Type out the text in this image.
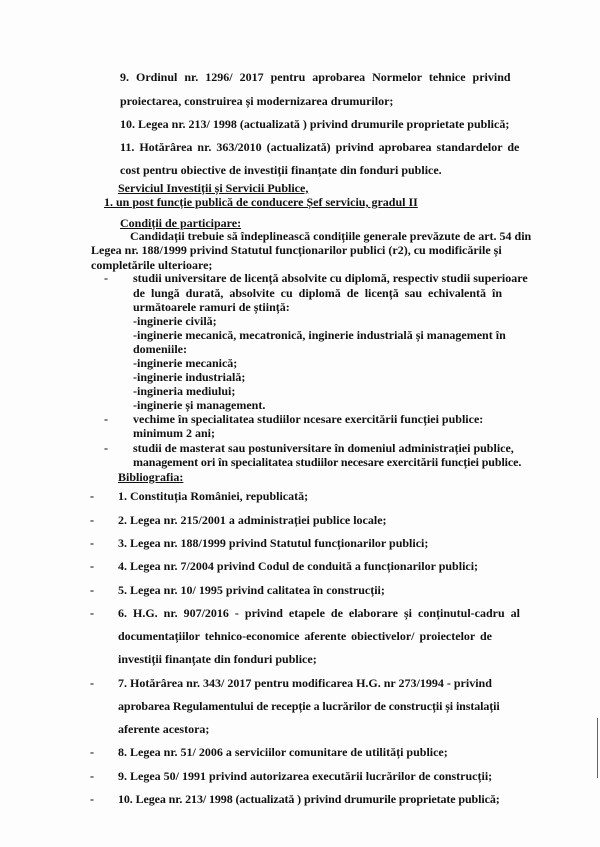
9. Ordinul nr. 1296/ 2017 pentru aprobarea Normelor tehnice privind
proiectarea, construirea și modernizarea drumurilor;
10. Legea nr. 213/ 1998 (actualizată ) privind drumurile proprietate publică;
11. Hotărârea nr. 363/2010 (actualizată) privind aprobarea standardelor de
cost pentru obiective de investiții finanțate din fonduri publice.
Serviciul Investiții și Servicii Publice,
1. un post funcție publică de conducere Șef serviciu, gradul II
Condiții de participare:
Candidații trebuie să îndeplinească condițiile generale prevăzute de art. 54 din
Legea nr. 188/1999 privind Statutul funcționarilor publici (r2), cu modificările și
completările ulterioare;
- studii universitare de licență absolvite cu diplomă, respectiv studii superioare
de lungă durată, absolvite cu diplomă de licență sau echivalentă în
următoarele ramuri de știință:
-inginerie civilă;
-inginerie mecanică, mecatronică, inginerie industrială și management în
domeniile:
-inginerie mecanică;
-inginerie industrială;
-ingineria mediului;
-inginerie și management.
- vechime în specialitatea studiilor ncesare exercitării funcției publice:
minimum 2 ani;
- studii de masterat sau postuniversitare în domeniul administrației publice,
management ori în specialitatea studiilor necesare exercitării funcției publice.
Bibliografia:
- 1. Constituția României, republicată;
- 2. Legea nr. 215/2001 a administrației publice locale;
- 3. Legea nr. 188/1999 privind Statutul funcționarilor publici;
- 4. Legea nr. 7/2004 privind Codul de conduită a funcționarilor publici;
- 5. Legea nr. 10/ 1995 privind calitatea în construcții;
- 6. H.G. nr. 907/2016 - privind etapele de elaborare și conținutul-cadru al
documentațiilor tehnico-economice aferente obiectivelor/ proiectelor de
investiții finanțate din fonduri publice;
- 7. Hotărârea nr. 343/ 2017 pentru modificarea H.G. nr 273/1994 - privind
aprobarea Regulamentului de recepție a lucrărilor de construcții și instalații
aferente acestora;
- 8. Legea nr. 51/ 2006 a serviciilor comunitare de utilități publice;
- 9. Legea 50/ 1991 privind autorizarea executării lucrărilor de construcții;
- 10. Legea nr. 213/ 1998 (actualizată ) privind drumurile proprietate publică;
